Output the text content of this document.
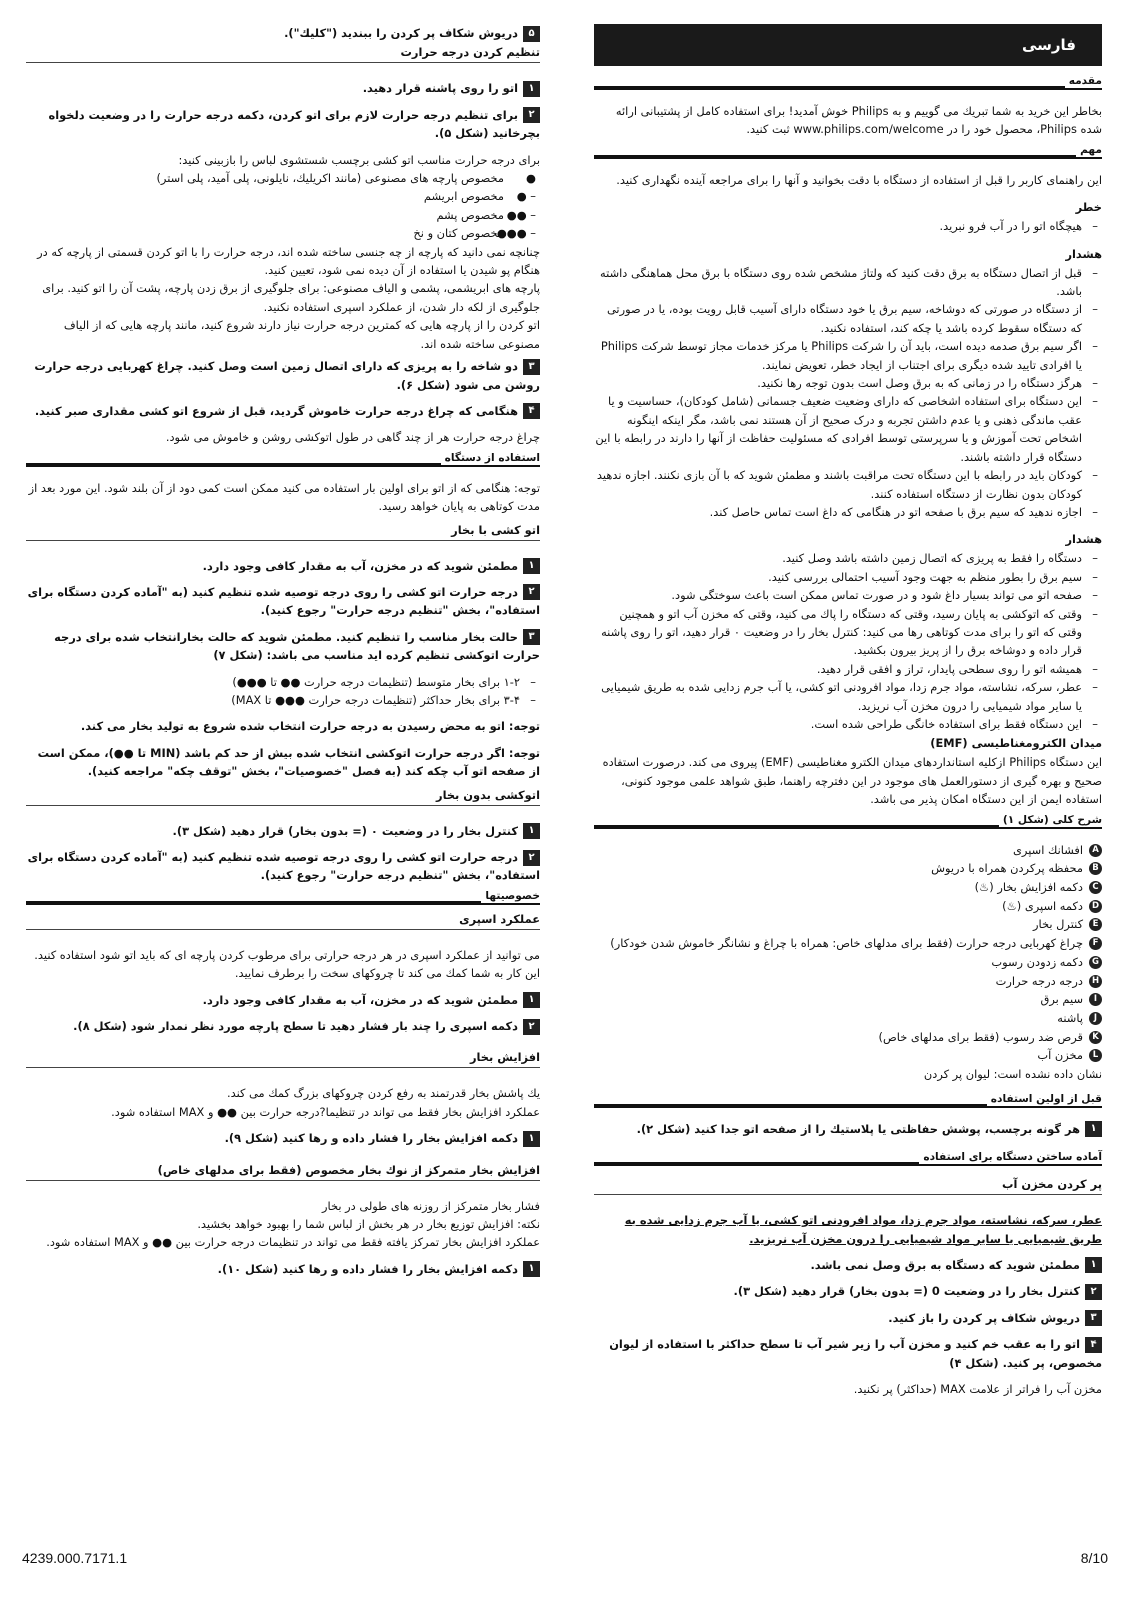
فارسی
مقدمه

بخاطر این خرید به شما تبریك می گوییم و به Philips خوش آمدید! برای استفاده کامل از پشتیبانی ارائه شده Philips، محصول خود را در www.philips.com/welcome ثبت کنید.

مهم

این راهنمای کاربر را قبل از استفاده از دستگاه با دقت بخوانید و آنها را برای مراجعه آینده نگهداری کنید.

خطر

–
هیچگاه اتو را در آب فرو نبرید.

هشدار

–
قبل از اتصال دستگاه به برق دقت کنید که ولتاژ مشخص شده روی دستگاه با برق محل هماهنگی داشته باشد.

–
از دستگاه در صورتی که دوشاخه، سیم برق یا خود دستگاه دارای آسیب قابل رویت بوده، یا در صورتی که دستگاه سقوط کرده باشد یا چکه کند، استفاده نکنید.

–
اگر سیم برق صدمه دیده است، باید آن را شرکت Philips یا مرکز خدمات مجاز توسط شرکت Philips یا افرادی تایید شده دیگری برای اجتناب از ایجاد خطر، تعویض نمایند.

–
هرگز دستگاه را در زمانی که به برق وصل است بدون توجه رها نکنید.

–
این دستگاه برای استفاده اشخاصی که دارای وضعیت ضعیف جسمانی (شامل کودکان)، حساسیت و یا عقب ماندگی ذهنی و یا عدم داشتن تجربه و درک صحیح از آن هستند نمی باشد، مگر اینکه اینگونه اشخاص تحت آموزش و یا سرپرستی توسط افرادی که مسئولیت حفاظت از آنها را دارند در رابطه با این دستگاه قرار داشته باشند.

–
کودکان باید در رابطه با این دستگاه تحت مراقبت باشند و مطمئن شوید که با آن بازی نکنند. اجازه ندهید کودکان بدون نظارت از دستگاه استفاده کنند.

–
اجازه ندهید که سیم برق با صفحه اتو در هنگامی که داغ است تماس حاصل کند.

هشدار

–
دستگاه را فقط به پریزی که اتصال زمین داشته باشد وصل کنید.

–
سیم برق را بطور منظم به جهت وجود آسیب احتمالی بررسی کنید.

–
صفحه اتو می تواند بسیار داغ شود و در صورت تماس ممکن است باعث سوختگی شود.

–
وقتی که اتوکشی به پایان رسید، وقتی که دستگاه را پاك می کنید، وقتی که مخزن آب اتو و همچنین وقتی که اتو را برای مدت کوتاهی رها می کنید: کنترل بخار را در وضعیت ۰ قرار دهید، اتو را روی پاشنه قرار داده و دوشاخه برق را از پریز بیرون بکشید.

–
همیشه اتو را روی سطحی پایدار، تراز و افقی قرار دهید.

–
عطر، سرکه، نشاسته، مواد جرم زدا، مواد افرودنی اتو کشی، یا آب جرم زدایی شده به طریق شیمیایی یا سایر مواد شیمیایی را درون مخزن آب نریزید.

–
این دستگاه فقط برای استفاده خانگی طراحی شده است.

میدان الکترومغناطیسی (EMF)

این دستگاه Philips ازکلیه استانداردهای میدان الکترو مغناطیسی (EMF) پیروی می کند. درصورت استفاده صحیح و بهره گیری از دستورالعمل های موجود در این دفترچه راهنما، طبق شواهد علمی موجود کنونی، استفاده ایمن از این دستگاه امکان پذیر می باشد.

شرح کلی (شکل ۱)

Aافشانك اسپری

Bمحفظه پرکردن همراه با دریوش

Cدکمه افزایش بخار (♨)

Dدکمه اسپری (♨)

Eکنترل بخار

Fچراغ کهربایی درجه حرارت (فقط برای مدلهای خاص: همراه با چراغ و نشانگر خاموش شدن خودکار)

Gدکمه زدودن رسوب

Hدرجه درجه حرارت

Iسیم برق

Jپاشنه

Kقرص ضد رسوب (فقط برای مدلهای خاص)

Lمخزن آب

نشان داده نشده است: لیوان پر کردن

قبل از اولین استفاده

۱هر گونه برچسب، پوشش حفاظتی یا پلاستیك را از صفحه اتو جدا کنید (شکل ۲).

آماده ساختن دستگاه برای استفاده

پر کردن مخزن آب

عطر، سرکه، نشاسته، مواد جرم زدا، مواد افرودنی اتو کشی، یا آب جرم زدایی شده به طریق شیمیایی یا سایر مواد شیمیایی را درون مخزن آب نریزید.

۱مطمئن شوید که دستگاه به برق وصل نمی باشد.

۲کنترل بخار را در وضعیت 0 (= بدون بخار) قرار دهید (شکل ۳).

۳دریوش شکاف پر کردن را باز کنید.

۴اتو را به عقب خم کنید و مخزن آب را زیر شیر آب تا سطح حداکثر با استفاده از لیوان مخصوص، پر کنید. (شکل ۴)

مخزن آب را فراتر از علامت MAX (حداکثر) پر نکنید.

۵دریوش شکاف پر کردن را ببندید ("کلیك").

تنظیم کردن درجه حرارت

۱اتو را روی پاشنه قرار دهید.

۲برای تنظیم درجه حرارت لازم برای اتو کردن، دکمه درجه حرارت را در وضعیت دلخواه بچرخانید (شکل ۵).

برای درجه حرارت مناسب اتو کشی برچسب شستشوی لباس را بازبینی کنید:

●
مخصوص پارچه های مصنوعی (مانند اکریلیك، نایلونی، پلی آمید، پلی استر)

– ●
مخصوص ابریشم

– ●●
مخصوص پشم

– ●●●
مخصوص کتان و نخ

چنانچه نمی دانید که پارچه از چه جنسی ساخته شده اند، درجه حرارت را با اتو کردن قسمتی از پارچه که در هنگام پو شیدن یا استفاده از آن دیده نمی شود، تعیین کنید.

پارچه های ابریشمی، پشمی و الیاف مصنوعی: برای جلوگیری از برق زدن پارچه، پشت آن را اتو کنید. برای جلوگیری از لکه دار شدن، از عملکرد اسپری استفاده نکنید.

اتو کردن را از پارچه هایی که کمترین درجه حرارت نیاز دارند شروع کنید، مانند پارچه هایی که از الیاف مصنوعی ساخته شده اند.

۳دو شاخه را به پریزی که دارای اتصال زمین است وصل کنید. چراغ کهربایی درجه حرارت روشن می شود (شکل ۶).

۴هنگامی که چراغ درجه حرارت خاموش گردید، قبل از شروع اتو کشی مقداری صبر کنید.

چراغ درجه حرارت هر از چند گاهی در طول اتوکشی روشن و خاموش می شود.

استفاده از دستگاه

توجه: هنگامی که از اتو برای اولین بار استفاده می کنید ممکن است کمی دود از آن بلند شود. این مورد بعد از مدت کوتاهی به پایان خواهد رسید.

اتو کشی با بخار

۱مطمئن شوید که در مخزن، آب به مقدار کافی وجود دارد.

۲درجه حرارت اتو کشی را روی درجه توصیه شده تنظیم کنید (به "آماده کردن دستگاه برای استفاده"، بخش "تنظیم درجه حرارت" رجوع کنید).

۳حالت بخار مناسب را تنظیم کنید. مطمئن شوید که حالت بخارانتخاب شده برای درجه حرارت اتوکشی تنظیم کرده اید مناسب می باشد: (شکل ۷)

–
۱-۲ برای بخار متوسط (تنظیمات درجه حرارت ●● تا ●●●)

–
۳-۴ برای بخار حداکثر (تنظیمات درجه حرارت ●●● تا MAX)

توجه: اتو به محض رسیدن به درجه حرارت انتخاب شده شروع به تولید بخار می کند.

توجه: اگر درجه حرارت اتوکشی انتخاب شده بیش از حد کم باشد (MIN تا ●●)، ممکن است از صفحه اتو آب چکه کند (به فصل "خصوصیات"، بخش "توقف چکه" مراجعه کنید).

اتوکشی بدون بخار

۱کنترل بخار را در وضعیت ۰ (= بدون بخار) قرار دهید (شکل ۳).

۲درجه حرارت اتو کشی را روی درجه توصیه شده تنظیم کنید (به "آماده کردن دستگاه برای استفاده"، بخش "تنظیم درجه حرارت" رجوع کنید).

خصوصیتها

عملکرد اسپری

می توانید از عملکرد اسپری در هر درجه حرارتی برای مرطوب کردن پارچه ای که باید اتو شود استفاده کنید. این کار به شما کمك می کند تا چروکهای سخت را برطرف نمایید.

۱مطمئن شوید که در مخزن، آب به مقدار کافی وجود دارد.

۲دکمه اسپری را چند بار فشار دهید تا سطح پارچه مورد نظر نمدار شود (شکل ۸).

افزایش بخار

یك پاشش بخار قدرتمند به رفع کردن چروکهای بزرگ کمك می کند.

عملکرد افزایش بخار فقط می تواند در تنظیما?درجه حرارت بین ●● و MAX استفاده شود.

۱دکمه افزایش بخار را فشار داده و رها کنید (شکل ۹).

افزایش بخار متمرکز از نوك بخار مخصوص (فقط برای مدلهای خاص)

فشار بخار متمرکز از روزنه های طولی در بخار

نکته: افزایش توزیع بخار در هر بخش از لباس شما را بهبود خواهد بخشید.

عملکرد افزایش بخار تمرکز یافته فقط می تواند در تنظیمات درجه حرارت بین ●● و MAX استفاده شود.

۱دکمه افزایش بخار را فشار داده و رها کنید (شکل ۱۰).

4239.000.7171.1	8/10
